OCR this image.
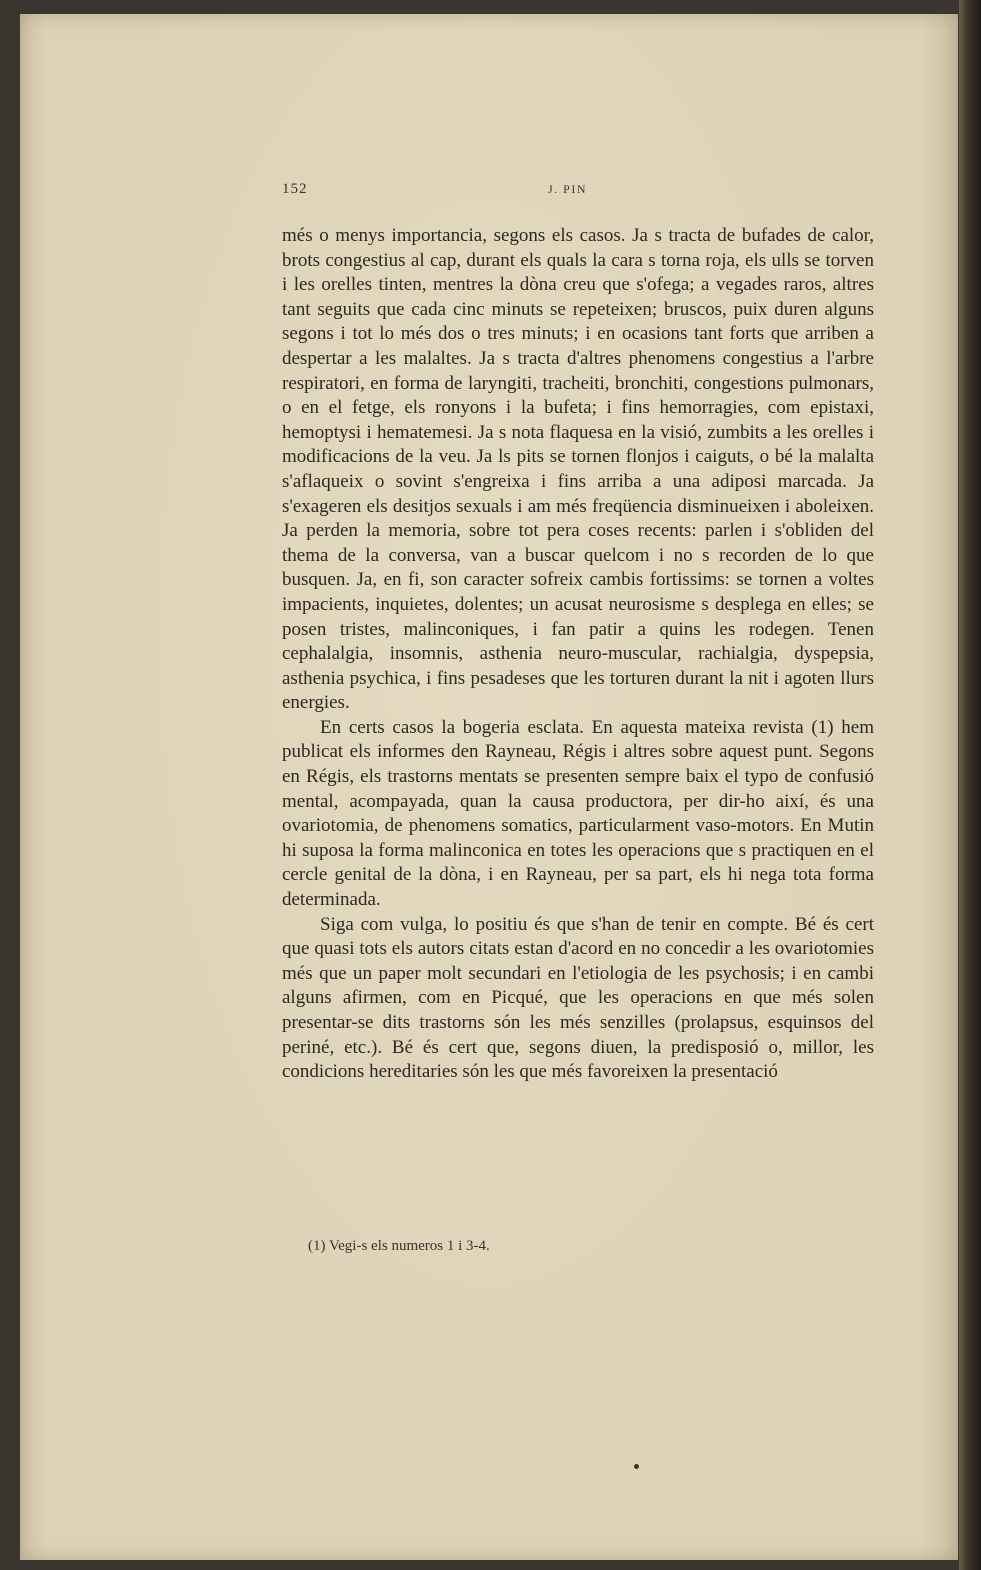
152	J. PIN

més o menys importancia, segons els casos. Ja s tracta de bufades de calor, brots congestius al cap, durant els quals la cara s torna roja, els ulls se torven i les orelles tinten, mentres la dòna creu que s'ofega; a vegades raros, altres tant seguits que cada cinc minuts se repeteixen; bruscos, puix duren alguns segons i tot lo més dos o tres minuts; i en ocasions tant forts que arriben a despertar a les malaltes. Ja s tracta d'altres phenomens congestius a l'arbre respiratori, en forma de laryngiti, tracheiti, bronchiti, congestions pulmonars, o en el fetge, els ronyons i la bufeta; i fins hemorragies, com epistaxi, hemoptysi i hematemesi. Ja s nota flaquesa en la visió, zumbits a les orelles i modificacions de la veu. Ja ls pits se tornen flonjos i caiguts, o bé la malalta s'aflaqueix o sovint s'engreixa i fins arriba a una adiposi marcada. Ja s'exageren els desitjos sexuals i am més freqüencia disminueixen i aboleixen. Ja perden la memoria, sobre tot pera coses recents: parlen i s'obliden del thema de la conversa, van a buscar quelcom i no s recorden de lo que busquen. Ja, en fi, son caracter sofreix cambis fortissims: se tornen a voltes impacients, inquietes, dolentes; un acusat neurosisme s desplega en elles; se posen tristes, malinconiques, i fan patir a quins les rodegen. Tenen cephalalgia, insomnis, asthenia neuro-muscular, rachialgia, dyspepsia, asthenia psychica, i fins pesadeses que les torturen durant la nit i agoten llurs energies.

En certs casos la bogeria esclata. En aquesta mateixa revista (1) hem publicat els informes den Rayneau, Régis i altres sobre aquest punt. Segons en Régis, els trastorns mentats se presenten sempre baix el typo de confusió mental, acompayada, quan la causa productora, per dir-ho així, és una ovariotomia, de phenomens somatics, particularment vaso-motors. En Mutin hi suposa la forma malinconica en totes les operacions que s practiquen en el cercle genital de la dòna, i en Rayneau, per sa part, els hi nega tota forma determinada.

Siga com vulga, lo positiu és que s'han de tenir en compte. Bé és cert que quasi tots els autors citats estan d'acord en no concedir a les ovariotomies més que un paper molt secundari en l'etiologia de les psychosis; i en cambi alguns afirmen, com en Picqué, que les operacions en que més solen presentar-se dits trastorns són les més senzilles (prolapsus, esquinsos del periné, etc.). Bé és cert que, segons diuen, la predisposió o, millor, les condicions hereditaries són les que més favoreixen la presentació

(1) Vegi-s els numeros 1 i 3-4.
